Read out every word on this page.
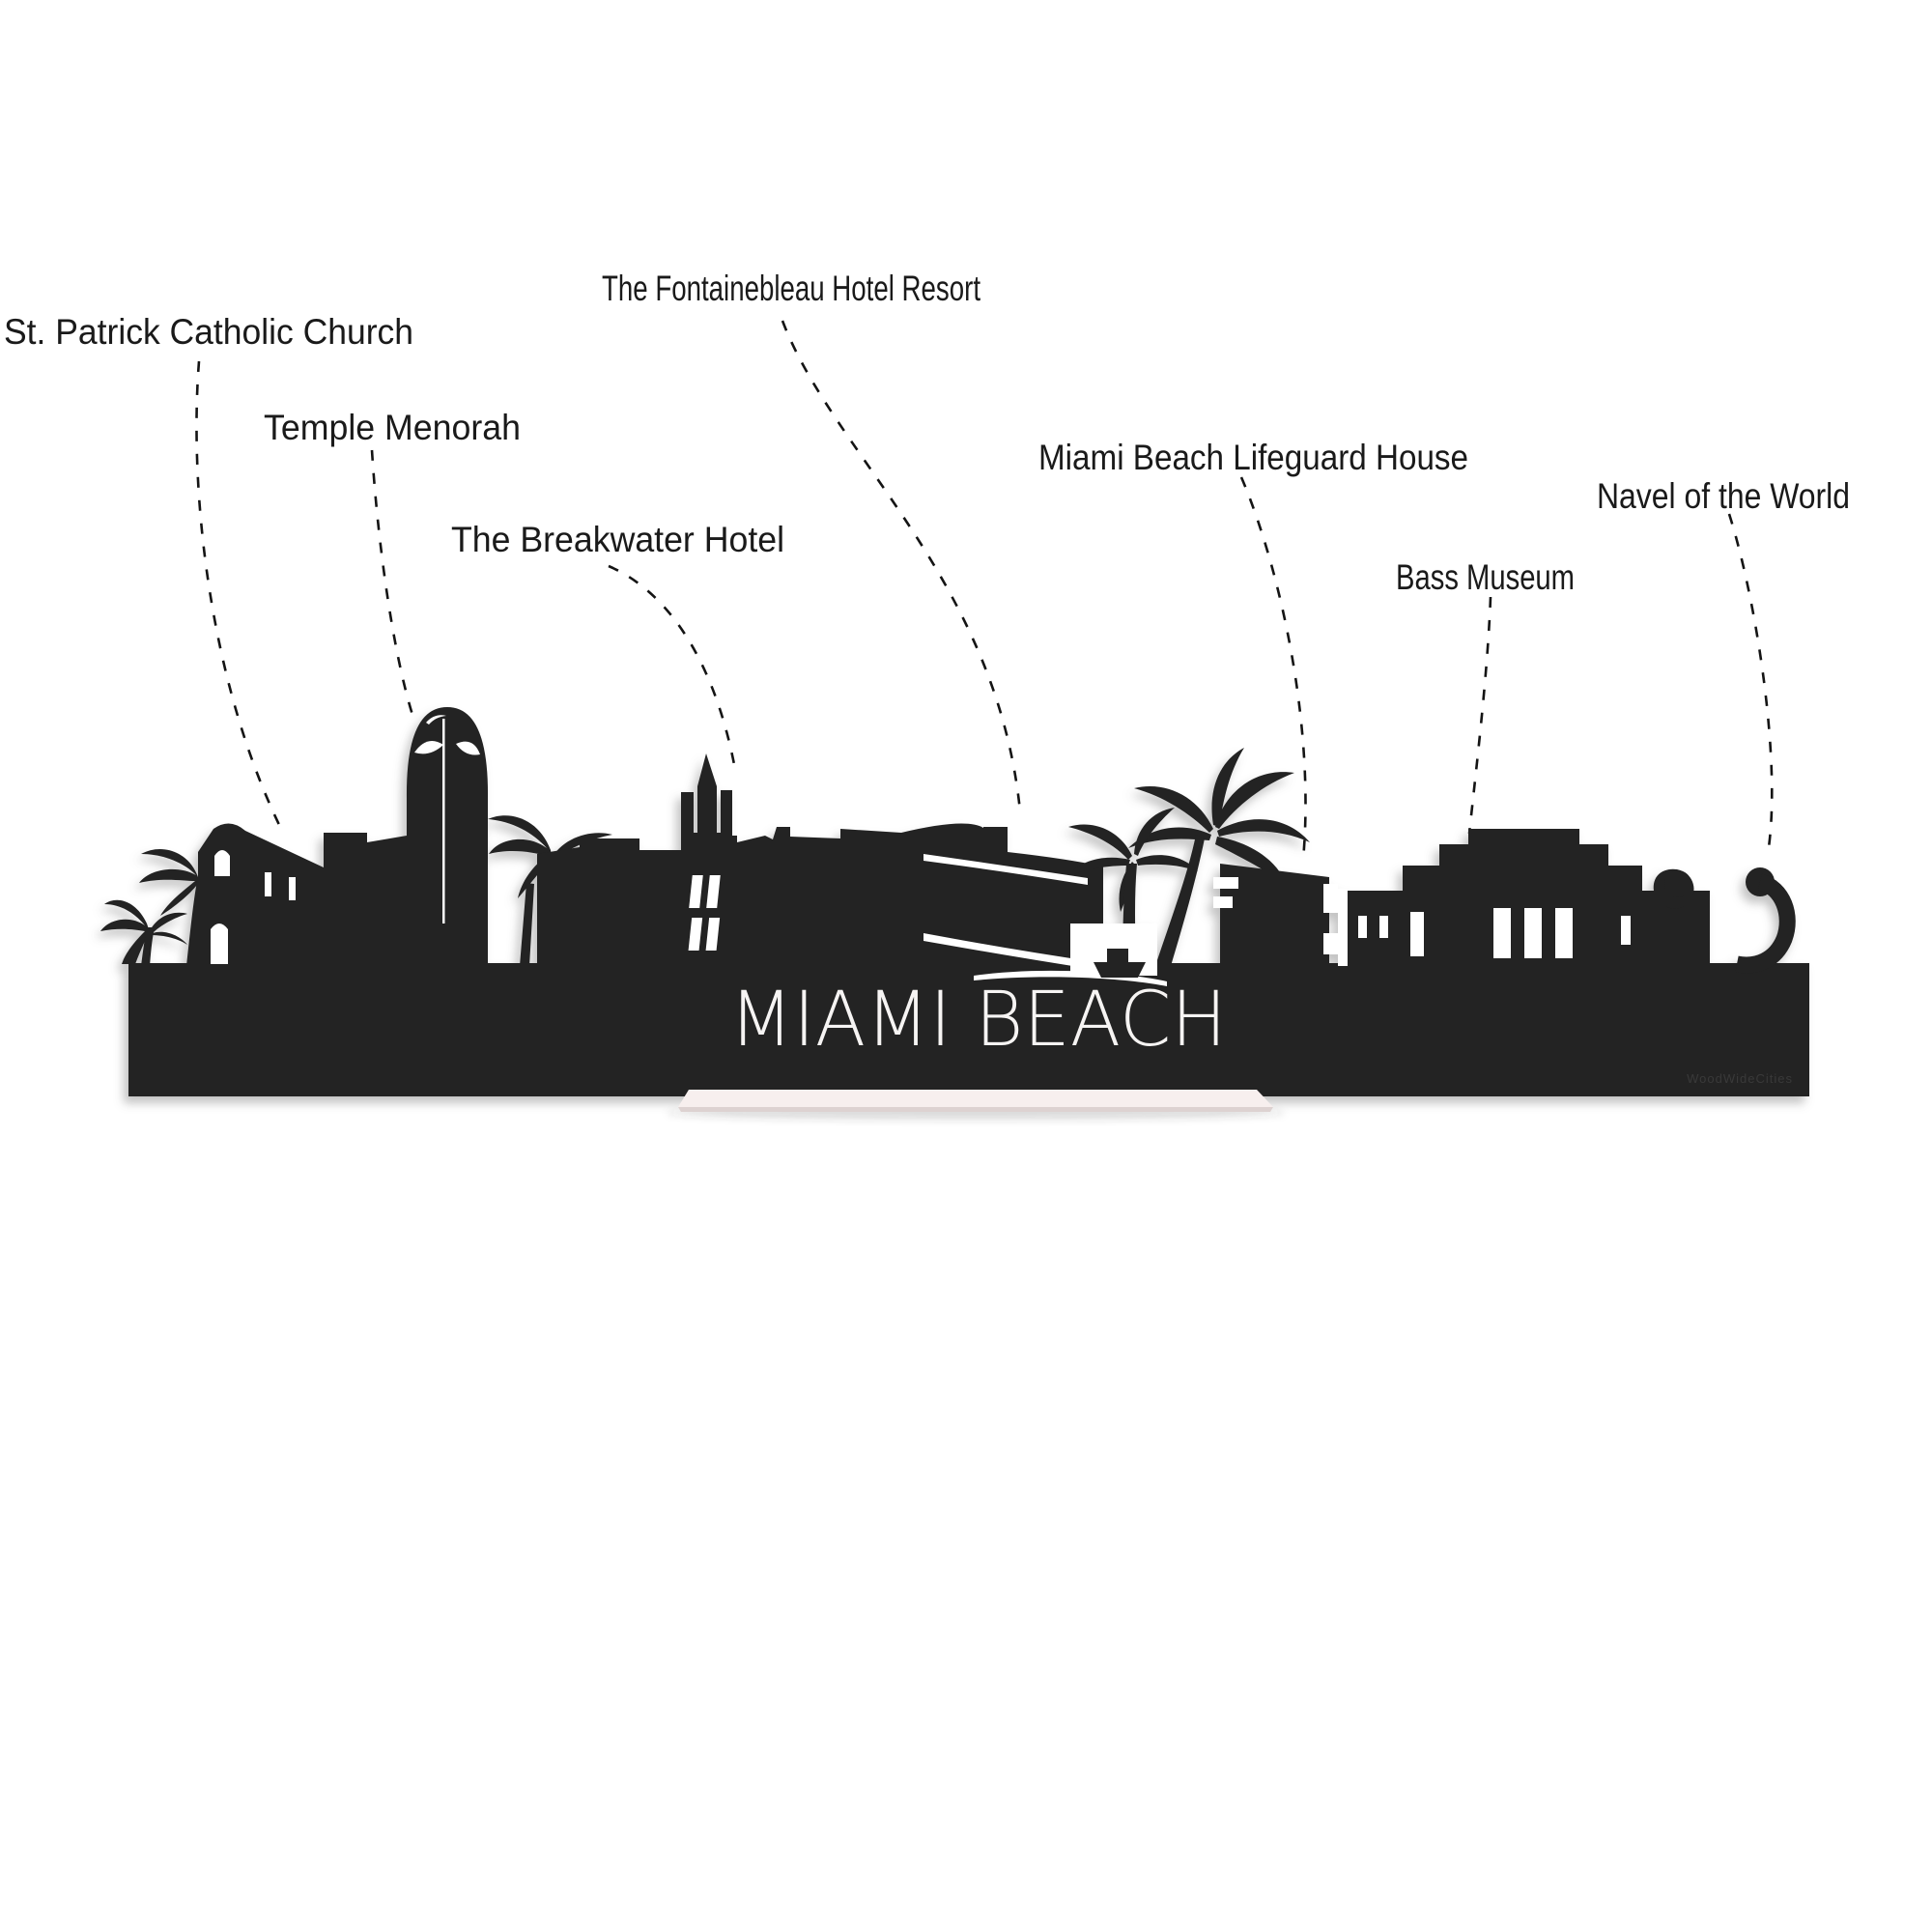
St. Patrick Catholic Church
Temple Menorah
The Breakwater Hotel
The Fontainebleau Hotel Resort
Miami Beach Lifeguard House
Bass Museum
Navel of the World
MIAMI BEACH
WoodWideCities
